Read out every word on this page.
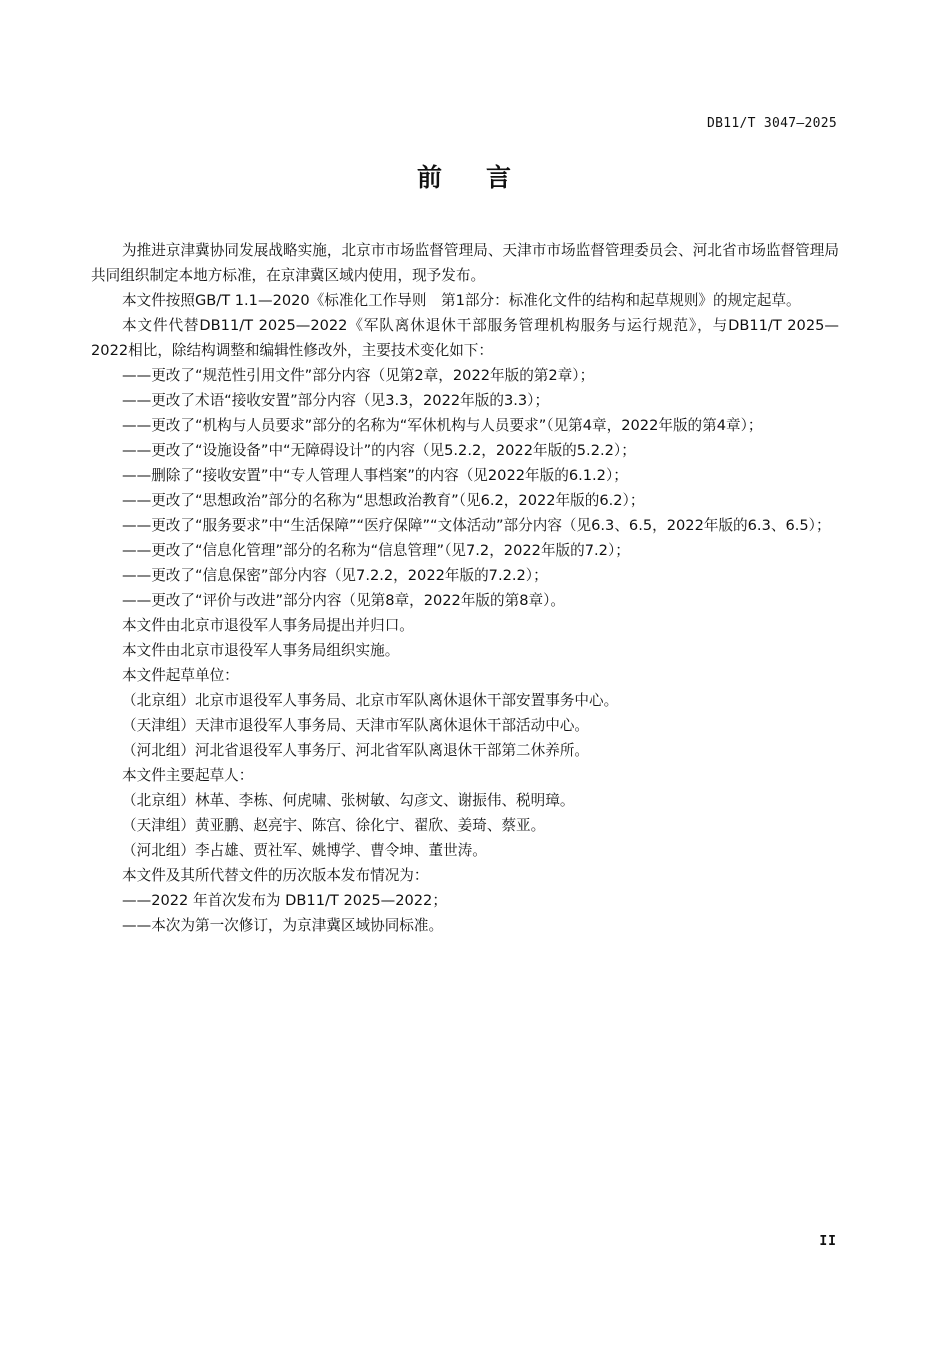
DB11/T 3047—2025
前言

为推进京津冀协同发展战略实施，北京市市场监督管理局、天津市市场监督管理委员会、河北省市场监督管理局共同组织制定本地方标准，在京津冀区域内使用，现予发布。

本文件按照GB/T 1.1—2020《标准化工作导则　第1部分：标准化文件的结构和起草规则》的规定起草。

本文件代替DB11/T 2025—2022《军队离休退休干部服务管理机构服务与运行规范》，与DB11/T 2025—2022相比，除结构调整和编辑性修改外，主要技术变化如下：

——更改了“规范性引用文件”部分内容（见第2章，2022年版的第2章）；

——更改了术语“接收安置”部分内容（见3.3，2022年版的3.3）；

——更改了“机构与人员要求”部分的名称为“军休机构与人员要求”（见第4章，2022年版的第4章）；

——更改了“设施设备”中“无障碍设计”的内容（见5.2.2，2022年版的5.2.2）；

——删除了“接收安置”中“专人管理人事档案”的内容（见2022年版的6.1.2）；

——更改了“思想政治”部分的名称为“思想政治教育”（见6.2，2022年版的6.2）；

——更改了“服务要求”中“生活保障”“医疗保障”“文体活动”部分内容（见6.3、6.5，2022年版的6.3、6.5）；

——更改了“信息化管理”部分的名称为“信息管理”（见7.2，2022年版的7.2）；

——更改了“信息保密”部分内容（见7.2.2，2022年版的7.2.2）；

——更改了“评价与改进”部分内容（见第8章，2022年版的第8章）。

本文件由北京市退役军人事务局提出并归口。

本文件由北京市退役军人事务局组织实施。

本文件起草单位：

（北京组）北京市退役军人事务局、北京市军队离休退休干部安置事务中心。

（天津组）天津市退役军人事务局、天津市军队离休退休干部活动中心。

（河北组）河北省退役军人事务厅、河北省军队离退休干部第二休养所。

本文件主要起草人：

（北京组）林革、李栋、何虎啸、张树敏、勾彦文、谢振伟、税明璋。

（天津组）黄亚鹏、赵亮宇、陈宫、徐化宁、翟欣、姜琦、蔡亚。

（河北组）李占雄、贾社军、姚博学、曹令坤、董世涛。

本文件及其所代替文件的历次版本发布情况为：

——2022 年首次发布为 DB11/T 2025—2022；

——本次为第一次修订，为京津冀区域协同标准。

II
